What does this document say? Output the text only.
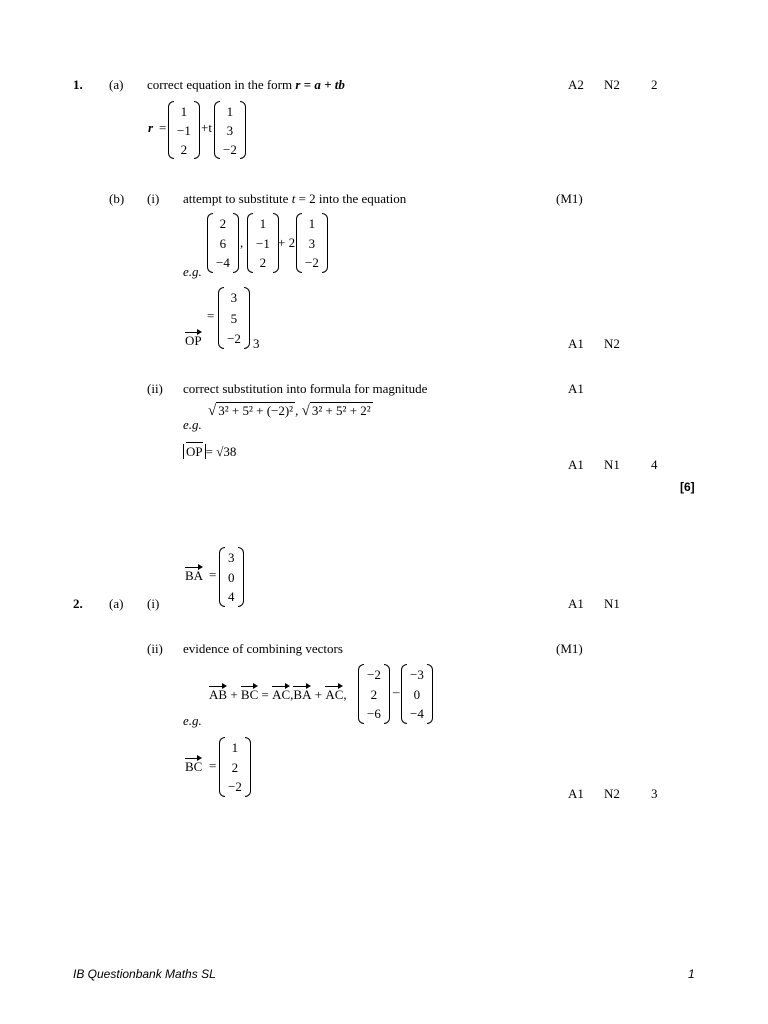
1. (a) correct equation in the form r = a + tb	A2 N2 2
r =
1
−1
2
+t
1
3
−2
(b) (i) attempt to substitute t = 2 into the equation	(M1)
2
6
−4
,
1
−1
2
+ 2
1
3
−2
e.g.
=
3
5
−2
OP	3	A1 N2
(ii) correct substitution into formula for magnitude	A1
e.g.
√ 3² + 5² + (−2)² , √ 3² + 5² + 2²
OP = √38
A1 N1 4
[6]
BA =
3
0
4
2. (a) (i)	A1 N1
(ii) evidence of combining vectors	(M1)
AB + BC = AC,BA + AC,
−2
2
−6
–
−3
0
−4
e.g.
BC =
1
2
−2	A1 N2 3
IB Questionbank Maths SL	1
